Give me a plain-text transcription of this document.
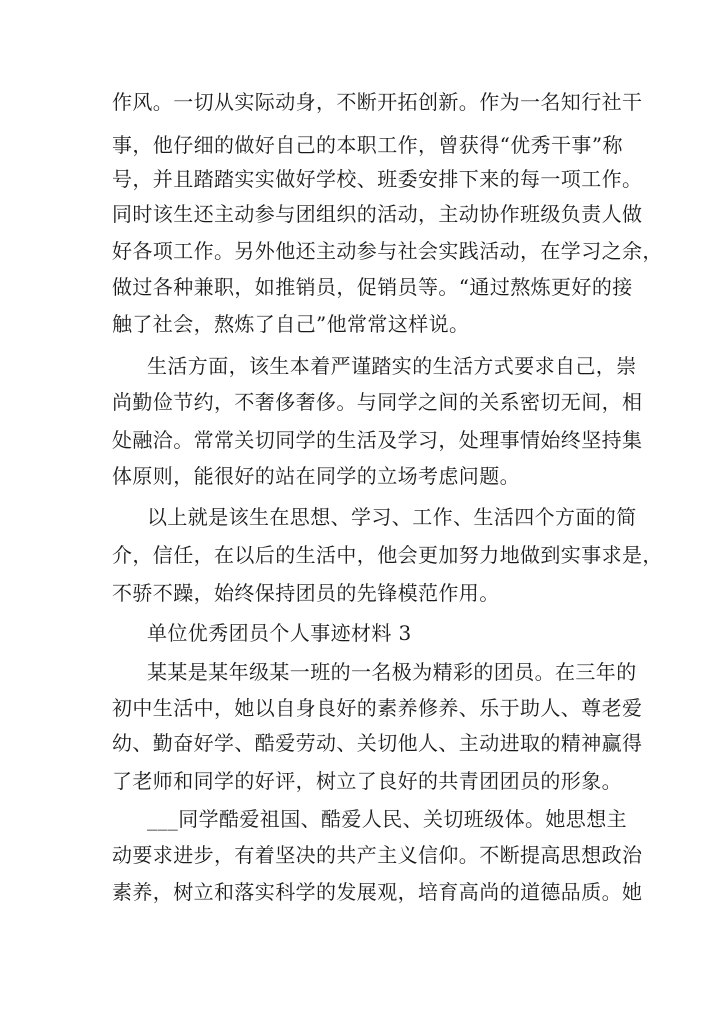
作风。一切从实际动身，不断开拓创新。作为一名知行社干
事，他仔细的做好自己的本职工作，曾获得“优秀干事”称
号，并且踏踏实实做好学校、班委安排下来的每一项工作。
同时该生还主动参与团组织的活动，主动协作班级负责人做
好各项工作。另外他还主动参与社会实践活动，在学习之余，
做过各种兼职，如推销员，促销员等。“通过熬炼更好的接
触了社会，熬炼了自己”他常常这样说。
生活方面，该生本着严谨踏实的生活方式要求自己，崇
尚勤俭节约，不奢侈奢侈。与同学之间的关系密切无间，相
处融洽。常常关切同学的生活及学习，处理事情始终坚持集
体原则，能很好的站在同学的立场考虑问题。
以上就是该生在思想、学习、工作、生活四个方面的简
介，信任，在以后的生活中，他会更加努力地做到实事求是，
不骄不躁，始终保持团员的先锋模范作用。
单位优秀团员个人事迹材料 3
某某是某年级某一班的一名极为精彩的团员。在三年的
初中生活中，她以自身良好的素养修养、乐于助人、尊老爱
幼、勤奋好学、酷爱劳动、关切他人、主动进取的精神赢得
了老师和同学的好评，树立了良好的共青团团员的形象。
___同学酷爱祖国、酷爱人民、关切班级体。她思想主
动要求进步，有着坚决的共产主义信仰。不断提高思想政治
素养，树立和落实科学的发展观，培育高尚的道德品质。她
